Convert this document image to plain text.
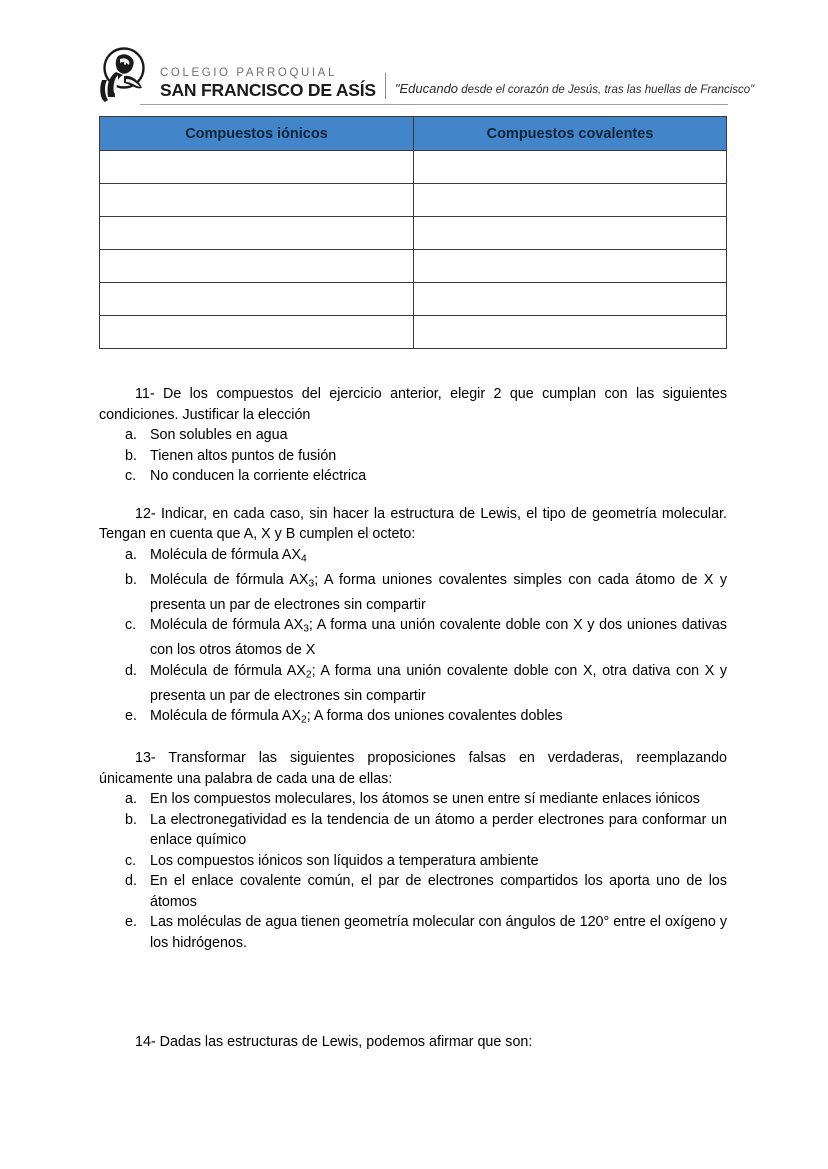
COLEGIO PARROQUIAL
SAN FRANCISCO DE ASÍS "Educando desde el corazón de Jesús, tras las huellas de Francisco"
Compuestos iónicos	Compuestos covalentes

11- De los compuestos del ejercicio anterior, elegir 2 que cumplan con las siguientes condiciones. Justificar la elección

a. Son solubles en agua
b. Tienen altos puntos de fusión
c. No conducen la corriente eléctrica

12- Indicar, en cada caso, sin hacer la estructura de Lewis, el tipo de geometría molecular. Tengan en cuenta que A, X y B cumplen el octeto:

a. Molécula de fórmula $AX_4$
b. Molécula de fórmula $AX_3$; A forma uniones covalentes simples con cada átomo de X y presenta un par de electrones sin compartir
c. Molécula de fórmula $AX_3$; A forma una unión covalente doble con X y dos uniones dativas con los otros átomos de X
d. Molécula de fórmula $AX_2$; A forma una unión covalente doble con X, otra dativa con X y presenta un par de electrones sin compartir
e. Molécula de fórmula $AX_2$; A forma dos uniones covalentes dobles

13- Transformar las siguientes proposiciones falsas en verdaderas, reemplazando únicamente una palabra de cada una de ellas:

a. En los compuestos moleculares, los átomos se unen entre sí mediante enlaces iónicos
b. La electronegatividad es la tendencia de un átomo a perder electrones para conformar un enlace químico
c. Los compuestos iónicos son líquidos a temperatura ambiente
d. En el enlace covalente común, el par de electrones compartidos los aporta uno de los átomos
e. Las moléculas de agua tienen geometría molecular con ángulos de 120° entre el oxígeno y los hidrógenos.

14- Dadas las estructuras de Lewis, podemos afirmar que son:
